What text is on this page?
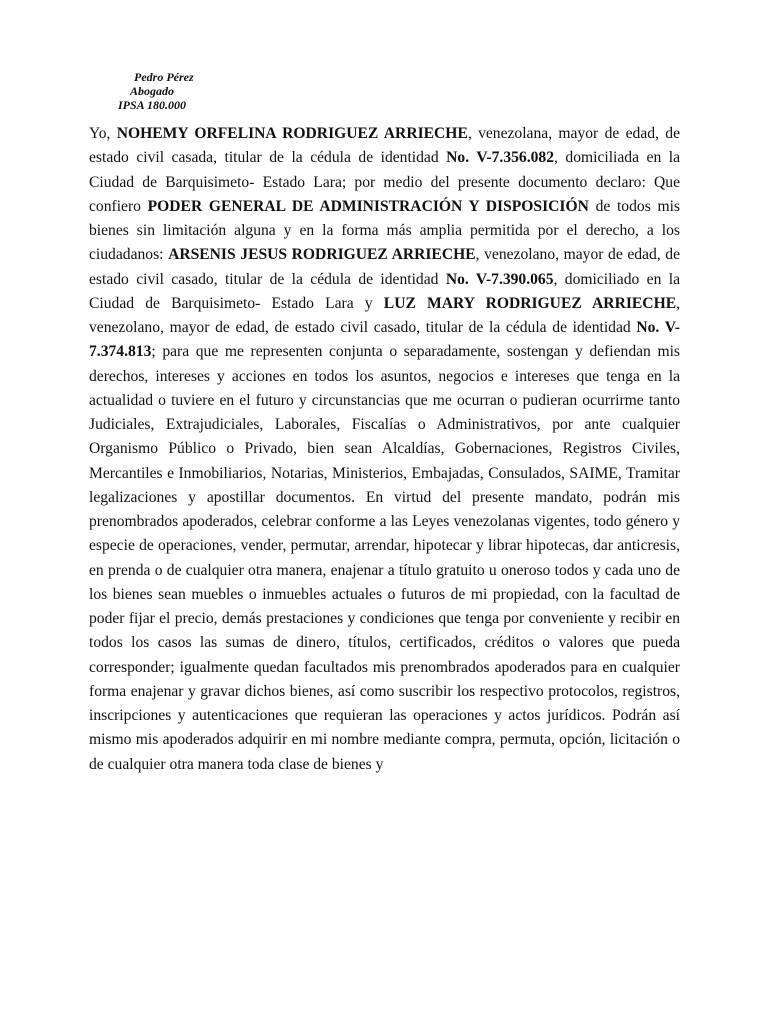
Pedro Pérez
Abogado
IPSA 180.000
Yo, NOHEMY ORFELINA RODRIGUEZ ARRIECHE, venezolana, mayor de edad, de estado civil casada, titular de la cédula de identidad No. V-7.356.082, domiciliada en la Ciudad de Barquisimeto- Estado Lara; por medio del presente documento declaro: Que confiero PODER GENERAL DE ADMINISTRACIÓN Y DISPOSICIÓN de todos mis bienes sin limitación alguna y en la forma más amplia permitida por el derecho, a los ciudadanos: ARSENIS JESUS RODRIGUEZ ARRIECHE, venezolano, mayor de edad, de estado civil casado, titular de la cédula de identidad No. V-7.390.065, domiciliado en la Ciudad de Barquisimeto- Estado Lara y LUZ MARY RODRIGUEZ ARRIECHE, venezolano, mayor de edad, de estado civil casado, titular de la cédula de identidad No. V-7.374.813; para que me representen conjunta o separadamente, sostengan y defiendan mis derechos, intereses y acciones en todos los asuntos, negocios e intereses que tenga en la actualidad o tuviere en el futuro y circunstancias que me ocurran o pudieran ocurrirme tanto Judiciales, Extrajudiciales, Laborales, Fiscalías o Administrativos, por ante cualquier Organismo Público o Privado, bien sean Alcaldías, Gobernaciones, Registros Civiles, Mercantiles e Inmobiliarios, Notarias, Ministerios, Embajadas, Consulados, SAIME, Tramitar legalizaciones y apostillar documentos. En virtud del presente mandato, podrán mis prenombrados apoderados, celebrar conforme a las Leyes venezolanas vigentes, todo género y especie de operaciones, vender, permutar, arrendar, hipotecar y librar hipotecas, dar anticresis, en prenda o de cualquier otra manera, enajenar a título gratuito u oneroso todos y cada uno de los bienes sean muebles o inmuebles actuales o futuros de mi propiedad, con la facultad de poder fijar el precio, demás prestaciones y condiciones que tenga por conveniente y recibir en todos los casos las sumas de dinero, títulos, certificados, créditos o valores que pueda corresponder; igualmente quedan facultados mis prenombrados apoderados para en cualquier forma enajenar y gravar dichos bienes, así como suscribir los respectivo protocolos, registros, inscripciones y autenticaciones que requieran las operaciones y actos jurídicos. Podrán así mismo mis apoderados adquirir en mi nombre mediante compra, permuta, opción, licitación o de cualquier otra manera toda clase de bienes y
